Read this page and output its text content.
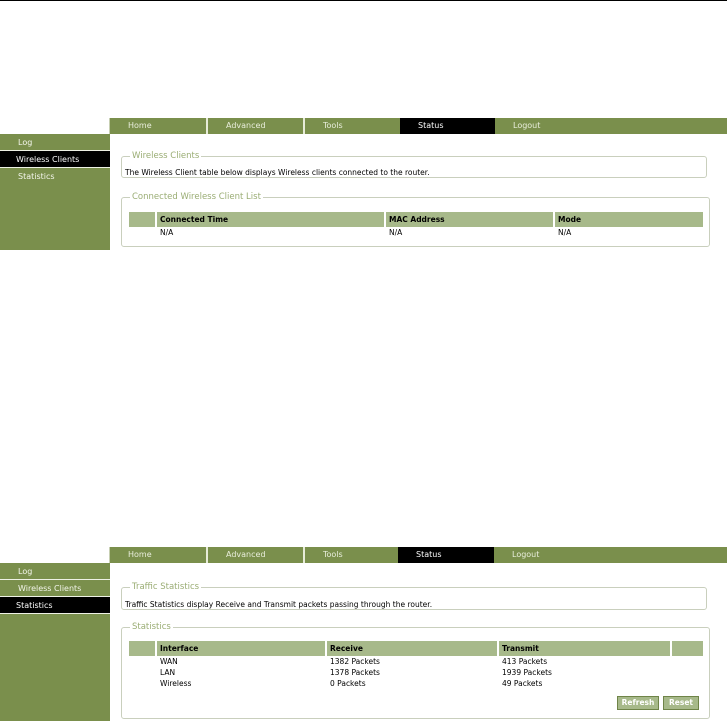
Home	Advanced	Tools	Status	Logout
Log
Wireless Clients
Statistics
Wireless Clients
The Wireless Client table below displays Wireless clients connected to the router.
Connected Wireless Client List
	Connected Time	MAC Address	Mode
	N/A	N/A	N/A
Home	Advanced	Tools	Status	Logout
Log
Wireless Clients
Statistics
Traffic Statistics
Traffic Statistics display Receive and Transmit packets passing through the router.
Statistics
	Interface	Receive	Transmit	
	WAN	1382 Packets	413 Packets	
	LAN	1378 Packets	1939 Packets	
	Wireless	0 Packets	49 Packets	
Refresh	Reset
